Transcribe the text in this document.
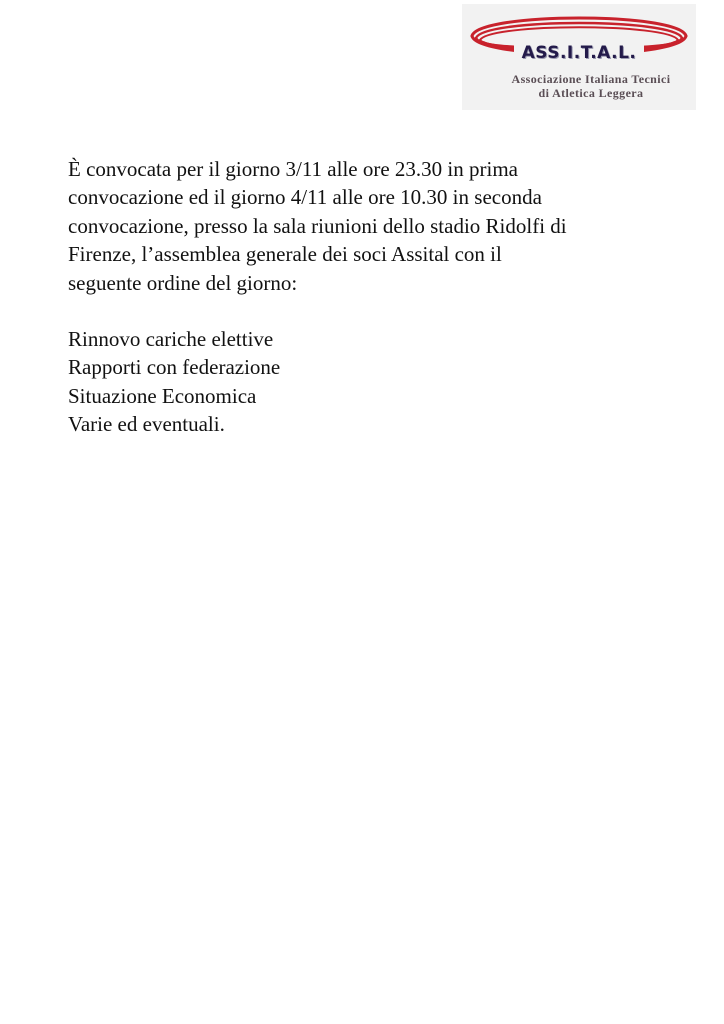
ASS.I.T.A.L.
Associazione Italiana Tecnici
di Atletica Leggera

È convocata per il giorno 3/11 alle ore 23.30 in prima
convocazione ed il giorno 4/11 alle ore 10.30 in seconda
convocazione, presso la sala riunioni dello stadio Ridolfi di
Firenze, l’assemblea generale dei soci Assital con il
seguente ordine del giorno:

Rinnovo cariche elettive
Rapporti con federazione
Situazione Economica
Varie ed eventuali.
